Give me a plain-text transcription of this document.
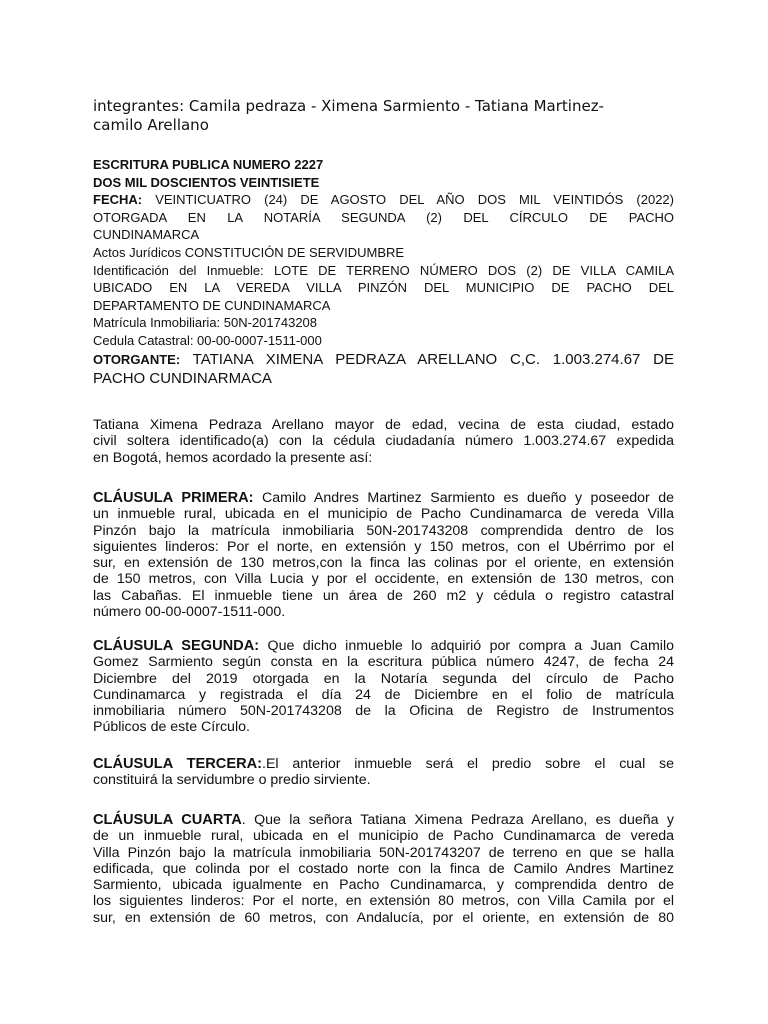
integrantes: Camila pedraza - Ximena Sarmiento - Tatiana Martinez-
camilo Arellano
ESCRITURA PUBLICA NUMERO 2227
DOS MIL DOSCIENTOS VEINTISIETE
FECHA: VEINTICUATRO (24) DE AGOSTO DEL AÑO DOS MIL VEINTIDÓS (2022)
OTORGADA EN LA NOTARÍA SEGUNDA (2) DEL CÍRCULO DE PACHO
CUNDINAMARCA
Actos Jurídicos CONSTITUCIÓN DE SERVIDUMBRE
Identificación del Inmueble: LOTE DE TERRENO NÚMERO DOS (2) DE VILLA CAMILA
UBICADO EN LA VEREDA VILLA PINZÓN DEL MUNICIPIO DE PACHO DEL
DEPARTAMENTO DE CUNDINAMARCA
Matrícula Inmobiliaria: 50N-201743208
Cedula Catastral: 00-00-0007-1511-000
OTORGANTE: TATIANA XIMENA PEDRAZA ARELLANO C,C. 1.003.274.67 DE
PACHO CUNDINARMACA
Tatiana Ximena Pedraza Arellano mayor de edad, vecina de esta ciudad, estado
civil soltera identificado(a) con la cédula ciudadanía número 1.003.274.67 expedida
en Bogotá, hemos acordado la presente así:
CLÁUSULA PRIMERA: Camilo Andres Martinez Sarmiento es dueño y poseedor de
un inmueble rural, ubicada en el municipio de Pacho Cundinamarca de vereda Villa
Pinzón bajo la matrícula inmobiliaria 50N-201743208 comprendida dentro de los
siguientes linderos: Por el norte, en extensión y 150 metros, con el Ubérrimo por el
sur, en extensión de 130 metros,con la finca las colinas por el oriente, en extensión
de 150 metros, con Villa Lucia y por el occidente, en extensión de 130 metros, con
las Cabañas. El inmueble tiene un área de 260 m2 y cédula o registro catastral
número 00-00-0007-1511-000.
CLÁUSULA SEGUNDA: Que dicho inmueble lo adquirió por compra a Juan Camilo
Gomez Sarmiento según consta en la escritura pública número 4247, de fecha 24
Diciembre del 2019 otorgada en la Notaría segunda del círculo de Pacho
Cundinamarca y registrada el día 24 de Diciembre en el folio de matrícula
inmobiliaria número 50N-201743208 de la Oficina de Registro de Instrumentos
Públicos de este Círculo.
CLÁUSULA TERCERA:.El anterior inmueble será el predio sobre el cual se
constituirá la servidumbre o predio sirviente.
CLÁUSULA CUARTA. Que la señora Tatiana Ximena Pedraza Arellano, es dueña y
de un inmueble rural, ubicada en el municipio de Pacho Cundinamarca de vereda
Villa Pinzón bajo la matrícula inmobiliaria 50N-201743207 de terreno en que se halla
edificada, que colinda por el costado norte con la finca de Camilo Andres Martinez
Sarmiento, ubicada igualmente en Pacho Cundinamarca, y comprendida dentro de
los siguientes linderos: Por el norte, en extensión 80 metros, con Villa Camila por el
sur, en extensión de 60 metros, con Andalucía, por el oriente, en extensión de 80
